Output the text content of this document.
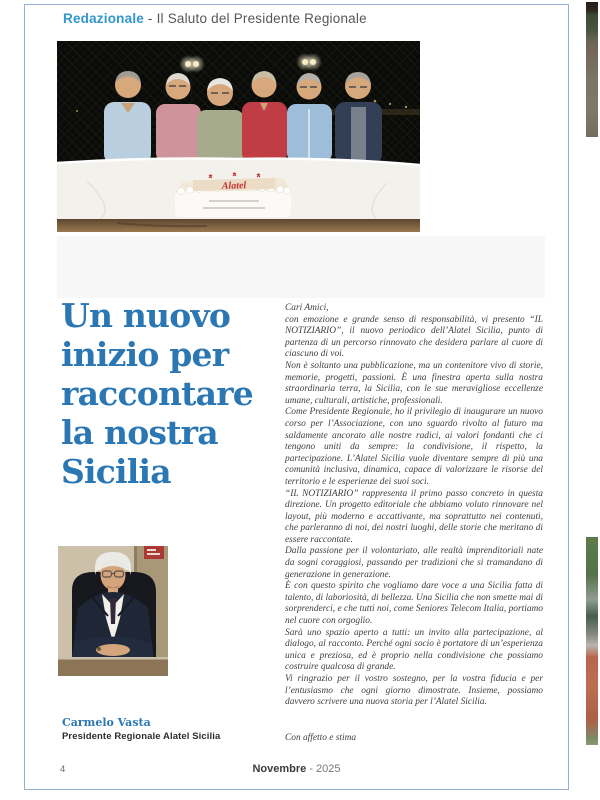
Redazionale - Il Saluto del Presidente Regionale
Alatel
Un nuovo inizio per raccontare la nostra Sicilia

Cari Amici,

con emozione e grande senso di responsabilità, vi presento “IL NOTIZIARIO”, il nuovo periodico dell’Alatel Sicilia, punto di partenza di un percorso rinnovato che desidera parlare al cuore di ciascuno di voi.

Non è soltanto una pubblicazione, ma un contenitore vivo di storie, memorie, progetti, passioni. È una finestra aperta sulla nostra straordinaria terra, la Sicilia, con le sue meravigliose eccellenze umane, culturali, artistiche, professionali.

Come Presidente Regionale, ho il privilegio di inaugurare un nuovo corso per l’Associazione, con uno sguardo rivolto al futuro ma saldamente ancorato alle nostre radici, ai valori fondanti che ci tengono uniti da sempre: la condivisione, il rispetto, la partecipazione. L’Alatel Sicilia vuole diventare sempre di più una comunità inclusiva, dinamica, capace di valorizzare le risorse del territorio e le esperienze dei suoi soci.

“IL NOTIZIARIO” rappresenta il primo passo concreto in questa direzione. Un progetto editoriale che abbiamo voluto rinnovare nel layout, più moderno e accattivante, ma soprattutto nei contenuti, che parleranno di noi, dei nostri luoghi, delle storie che meritano di essere raccontate.

Dalla passione per il volontariato, alle realtà imprenditoriali nate da sogni coraggiosi, passando per tradizioni che si tramandano di generazione in generazione.

È con questo spirito che vogliamo dare voce a una Sicilia fatta di talento, di laboriosità, di bellezza. Una Sicilia che non smette mai di sorprenderci, e che tutti noi, come Seniores Telecom Italia, portiamo nel cuore con orgoglio.

Sarà uno spazio aperto a tutti: un invito alla partecipazione, al dialogo, al racconto. Perché ogni socio è portatore di un’esperienza unica e preziosa, ed è proprio nella condivisione che possiamo costruire qualcosa di grande.

Vi ringrazio per il vostro sostegno, per la vostra fiducia e per l’entusiasmo che ogni giorno dimostrate. Insieme, possiamo davvero scrivere una nuova storia per l’Alatel Sicilia.

Con affetto e stima

Carmelo Vasta

Presidente Regionale Alatel Sicilia

4	Novembre - 2025
